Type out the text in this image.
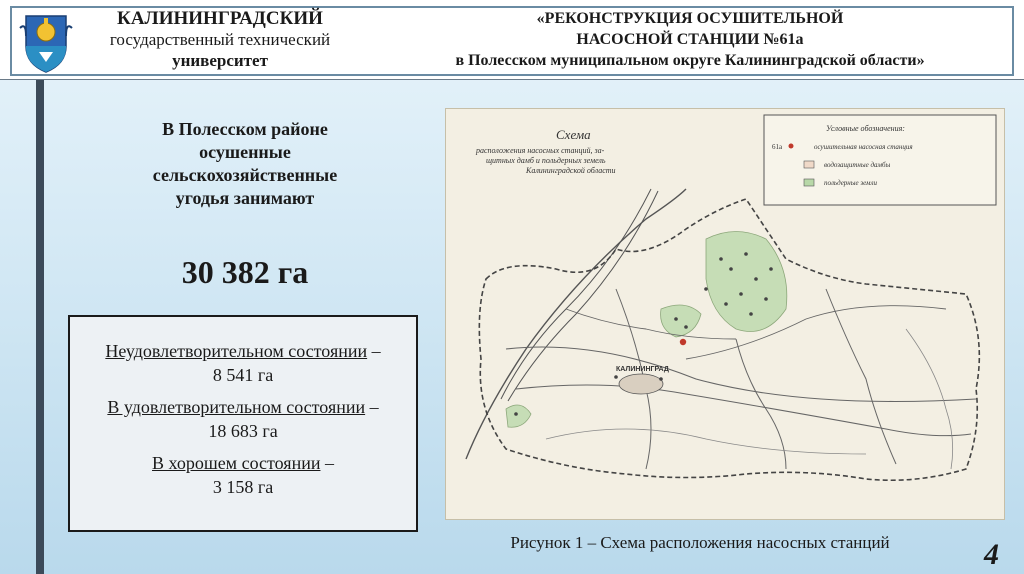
КАЛИНИНГРАДСКИЙ
государственный технический
университет
«РЕКОНСТРУКЦИЯ ОСУШИТЕЛЬНОЙ
НАСОСНОЙ СТАНЦИИ №61а
в Полесском муниципальном округе Калининградской области»
В Полесском районе
осушенные
сельскохозяйственные
угодья занимают
30 382 га
Неудовлетворительном состоянии –
8 541 га
В удовлетворительном состоянии –
18 683 га
В хорошем состоянии –
3 158 га
Схема
расположения насосных станций, за-
щитных дамб и польдерных земель
Калининградской области
Условные обозначения:
61а	осушительная насосная станция
водозащитные дамбы
польдерные земли
КАЛИНИНГРАД
Рисунок 1 – Схема расположения насосных станций	4
